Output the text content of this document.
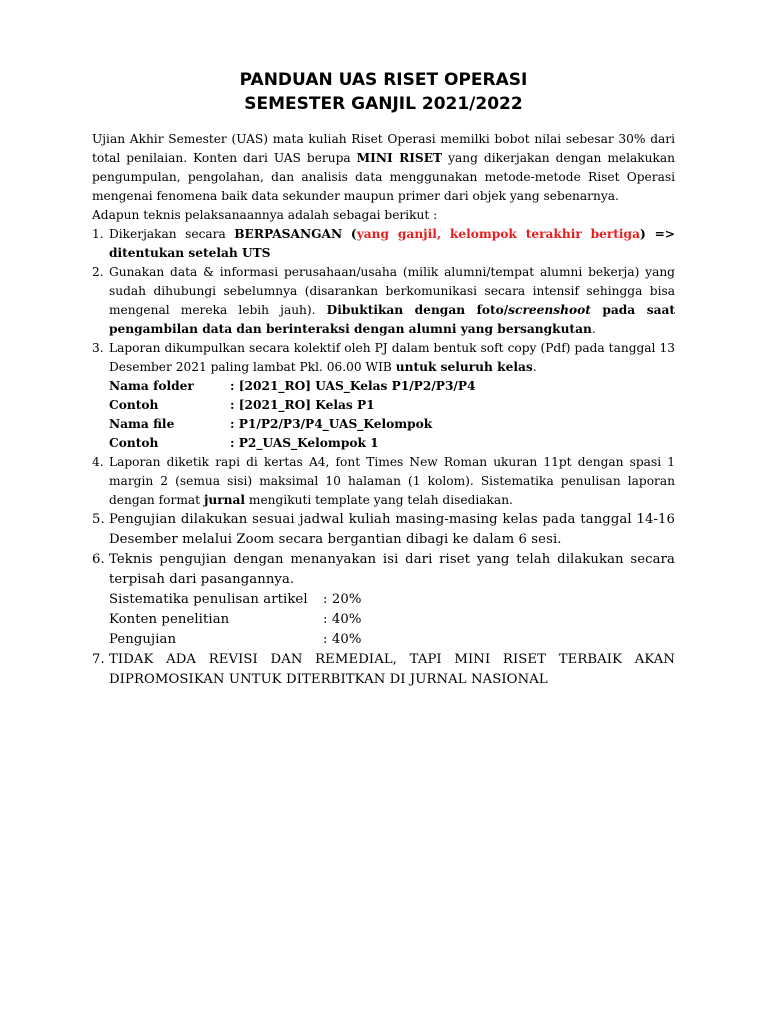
PANDUAN UAS RISET OPERASI
SEMESTER GANJIL 2021/2022

Ujian Akhir Semester (UAS) mata kuliah Riset Operasi memilki bobot nilai sebesar 30% dari total penilaian. Konten dari UAS berupa MINI RISET yang dikerjakan dengan melakukan pengumpulan, pengolahan, dan analisis data menggunakan metode-metode Riset Operasi mengenai fenomena baik data sekunder maupun primer dari objek yang sebenarnya.

Adapun teknis pelaksanaannya adalah sebagai berikut :

1. Dikerjakan secara BERPASANGAN (yang ganjil, kelompok terakhir bertiga) => ditentukan setelah UTS
2. Gunakan data & informasi perusahaan/usaha (milik alumni/tempat alumni bekerja) yang sudah dihubungi sebelumnya (disarankan berkomunikasi secara intensif sehingga bisa mengenal mereka lebih jauh). Dibuktikan dengan foto/screenshoot pada saat pengambilan data dan berinteraksi dengan alumni yang bersangkutan.
3. Laporan dikumpulkan secara kolektif oleh PJ dalam bentuk soft copy (Pdf) pada tanggal 13 Desember 2021 paling lambat Pkl. 06.00 WIB untuk seluruh kelas.
Nama folder	: [2021_RO] UAS_Kelas P1/P2/P3/P4
Contoh	: [2021_RO] Kelas P1
Nama file	: P1/P2/P3/P4_UAS_Kelompok
Contoh	: P2_UAS_Kelompok 1
4. Laporan diketik rapi di kertas A4, font Times New Roman ukuran 11pt dengan spasi 1 margin 2 (semua sisi) maksimal 10 halaman (1 kolom). Sistematika penulisan laporan dengan format jurnal mengikuti template yang telah disediakan.
5. Pengujian dilakukan sesuai jadwal kuliah masing-masing kelas pada tanggal 14-16 Desember melalui Zoom secara bergantian dibagi ke dalam 6 sesi.
6. Teknis pengujian dengan menanyakan isi dari riset yang telah dilakukan secara terpisah dari pasangannya.
Sistematika penulisan artikel : 20%
Konten penelitian	: 40%
Pengujian	: 40%
7. TIDAK ADA REVISI DAN REMEDIAL, TAPI MINI RISET TERBAIK AKAN DIPROMOSIKAN UNTUK DITERBITKAN DI JURNAL NASIONAL
